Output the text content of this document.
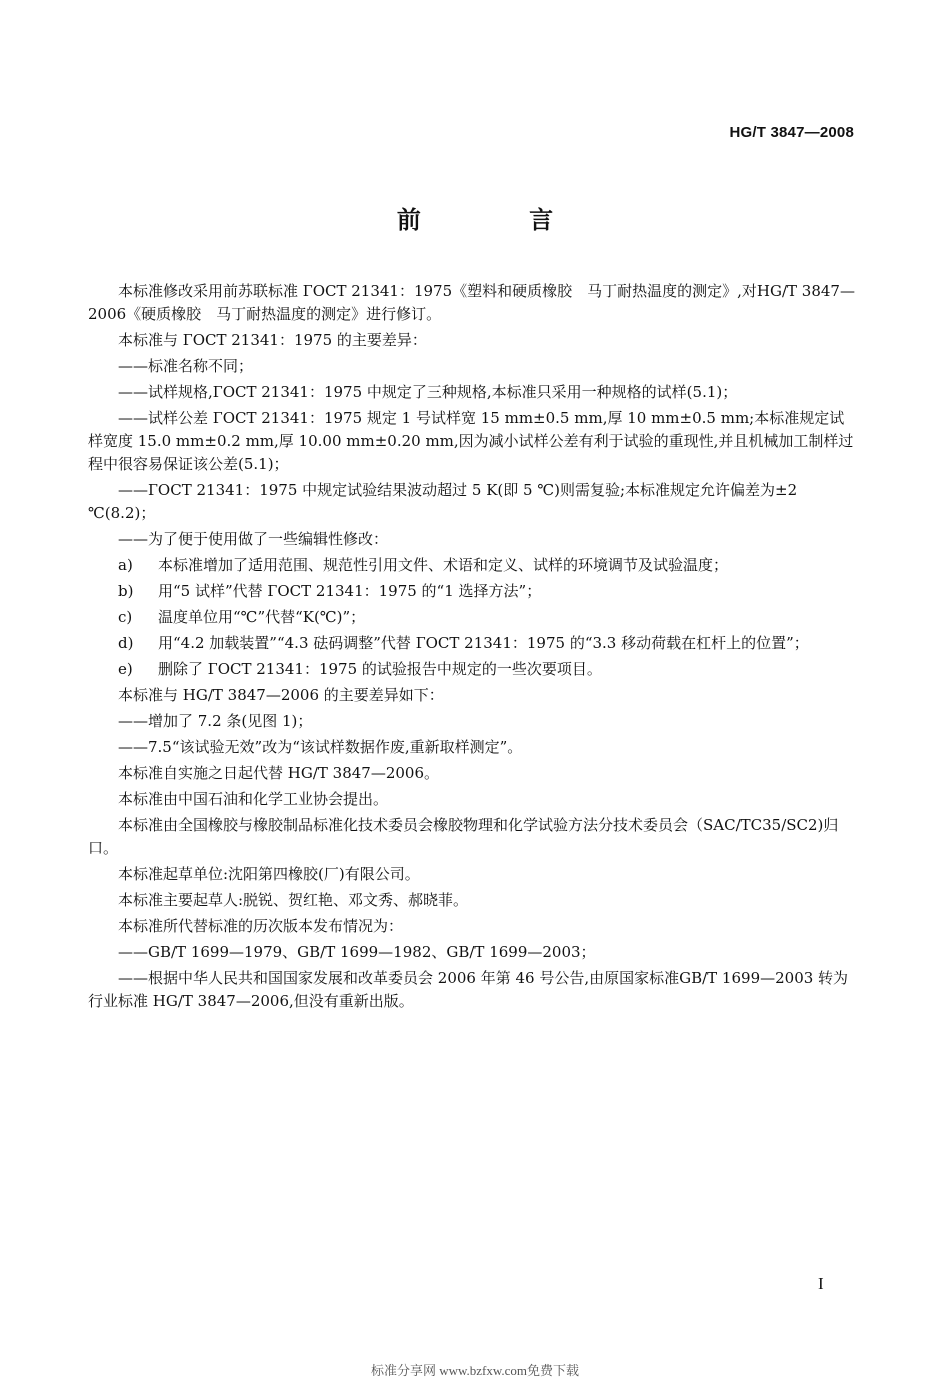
HG/T 3847—2008
前 言

本标准修改采用前苏联标准 ГОСТ 21341：1975《塑料和硬质橡胶　马丁耐热温度的测定》,对HG/T 3847—2006《硬质橡胶　马丁耐热温度的测定》进行修订。

本标准与 ГОСТ 21341：1975 的主要差异：

——标准名称不同；

——试样规格,ГОСТ 21341：1975 中规定了三种规格,本标准只采用一种规格的试样(5.1)；

——试样公差 ГОСТ 21341：1975 规定 1 号试样宽 15 mm±0.5 mm,厚 10 mm±0.5 mm;本标准规定试样宽度 15.0 mm±0.2 mm,厚 10.00 mm±0.20 mm,因为减小试样公差有利于试验的重现性,并且机械加工制样过程中很容易保证该公差(5.1)；

——ГОСТ 21341：1975 中规定试验结果波动超过 5 K(即 5 ℃)则需复验;本标准规定允许偏差为±2 ℃(8.2)；

——为了便于使用做了一些编辑性修改：

a) 本标准增加了适用范围、规范性引用文件、术语和定义、试样的环境调节及试验温度；

b) 用“5 试样”代替 ГОСТ 21341：1975 的“1 选择方法”；

c) 温度单位用“℃”代替“K(℃)”；

d) 用“4.2 加载装置”“4.3 砝码调整”代替 ГОСТ 21341：1975 的“3.3 移动荷载在杠杆上的位置”；

e) 删除了 ГОСТ 21341：1975 的试验报告中规定的一些次要项目。

本标准与 HG/T 3847—2006 的主要差异如下：

——增加了 7.2 条(见图 1)；

——7.5“该试验无效”改为“该试样数据作废,重新取样测定”。

本标准自实施之日起代替 HG/T 3847—2006。

本标准由中国石油和化学工业协会提出。

本标准由全国橡胶与橡胶制品标准化技术委员会橡胶物理和化学试验方法分技术委员会（SAC/TC35/SC2)归口。

本标准起草单位:沈阳第四橡胶(厂)有限公司。

本标准主要起草人:脱锐、贺红艳、邓文秀、郝晓菲。

本标准所代替标准的历次版本发布情况为：

——GB/T 1699—1979、GB/T 1699—1982、GB/T 1699—2003；

——根据中华人民共和国国家发展和改革委员会 2006 年第 46 号公告,由原国家标准GB/T 1699—2003 转为行业标准 HG/T 3847—2006,但没有重新出版。

I
标准分享网 www.bzfxw.com免费下载
